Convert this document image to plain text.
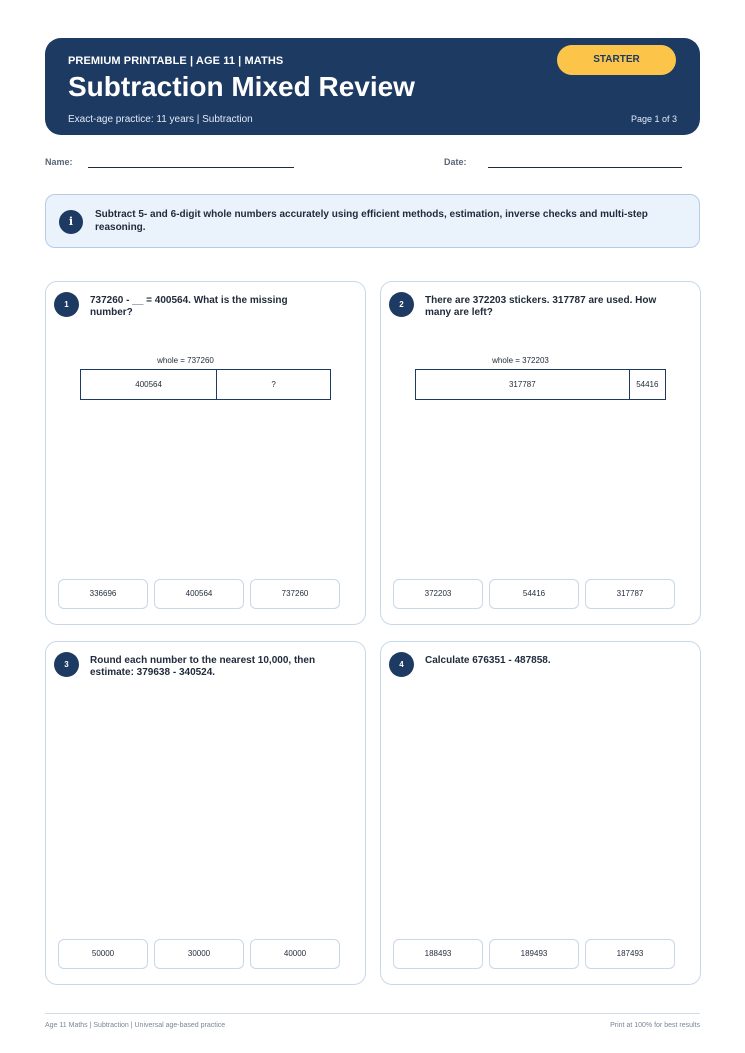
PREMIUM PRINTABLE | AGE 11 | MATHS
Subtraction Mixed Review
Exact-age practice: 11 years | Subtraction	Page 1 of 3
STARTER
Name:	Date:
i
Subtract 5- and 6-digit whole numbers accurately using efficient methods, estimation, inverse checks and multi-step reasoning.
1	737260 - __ = 400564. What is the missing number?
whole = 737260
400564	?
336696	400564	737260
2	There are 372203 stickers. 317787 are used. How many are left?
whole = 372203
317787	54416
372203	54416	317787
3	Round each number to the nearest 10,000, then estimate: 379638 - 340524.
50000	30000	40000
4	Calculate 676351 - 487858.
188493	189493	187493
Age 11 Maths | Subtraction | Universal age-based practice	Print at 100% for best results
